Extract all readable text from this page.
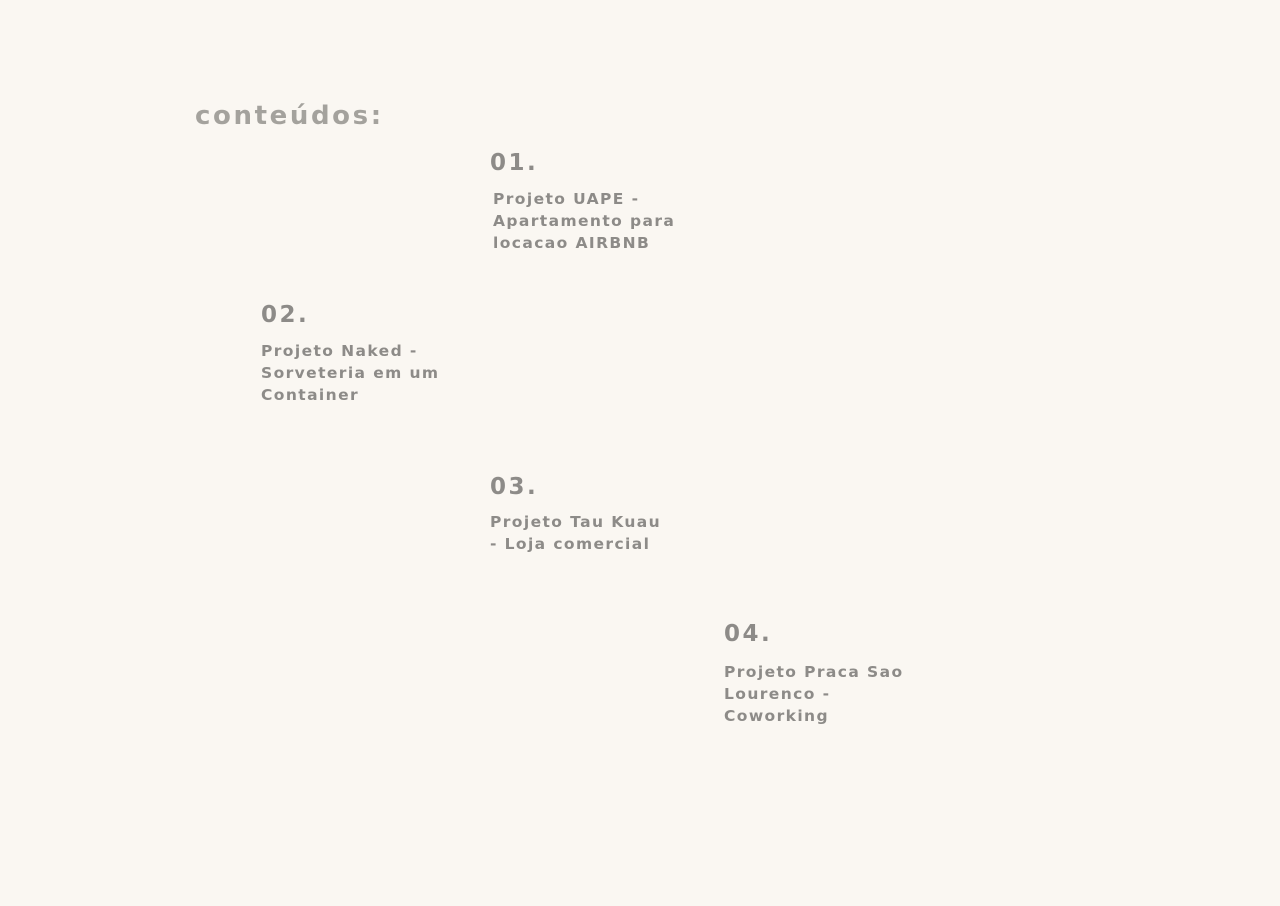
conteúdos:

01.

Projeto UAPE -
Apartamento para
locacao AIRBNB

02.

Projeto Naked -
Sorveteria em um
Container

03.

Projeto Tau Kuau
- Loja comercial

04.

Projeto Praca Sao
Lourenco -
Coworking
